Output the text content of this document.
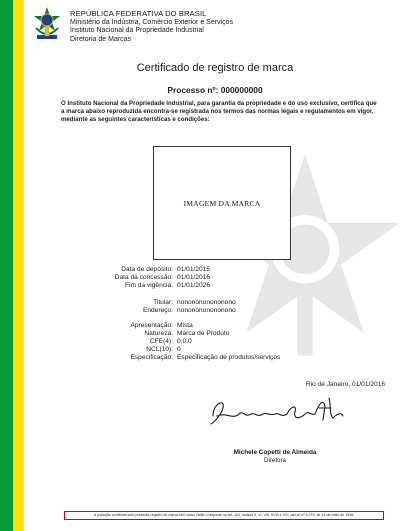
REPÚBLICA FEDERATIVA DO BRASIL
Ministério da Indústria, Comércio Exterior e Serviços
Instituto Nacional da Propriedade Industrial
Diretoria de Marcas
Certificado de registro de marca
Processo nº: 000000000
O Instituto Nacional da Propriedade Industrial, para garantia da propriedade e do uso exclusivo, certifica que a marca abaixo reproduzida encontra-se registrada nos termos das normas legais e regulamentos em vigor, mediante as seguintes características e condições:
IMAGEM DA MARCA
Data de depósito: 01/01/2015
Data da concessão: 01/01/2016
Fim da vigência: 01/01/2026
Titular: nononononononono
Endereço: nononononononono
Apresentação: Mista
Natureza: Marca de Produto
CFE(4): 0.0.0
NCL(10): 0
Especificação: Especificação de produtos/serviços
Rio de Janeiro, 01/01/2016
Michele Copetti de Almeida
Diretora
A proteção conferida pelo presente registro de marca tem como limite o disposto no art. 124, incisos II, VI, VIII, XVIII e XXI, da Lei nº 9.279, de 14 de maio de 1996.
